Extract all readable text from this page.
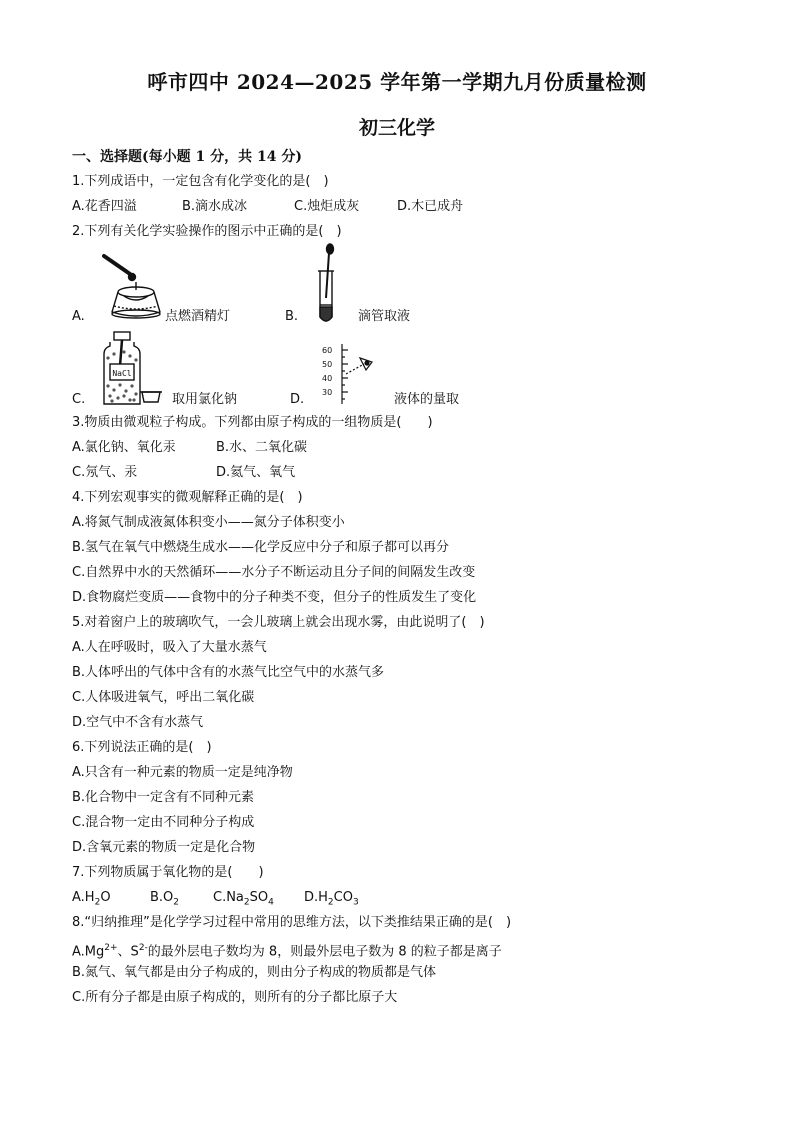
呼市四中 2024—2025 学年第一学期九月份质量检测
初三化学
一、选择题(每小题 1 分，共 14 分)
1.下列成语中，一定包含有化学变化的是(　)
A.花香四溢	B.滴水成冰	C.烛炬成灰	D.木已成舟
2.下列有关化学实验操作的图示中正确的是(　)
A.	点燃酒精灯	B.	滴管取液
C.
NaCl
取用氯化钠	D.
60
50
40
30	液体的量取
3.物质由微观粒子构成。下列都由原子构成的一组物质是(　　)
A.氯化钠、氧化汞	B.水、二氧化碳
C.氖气、汞	D.氦气、氧气
4.下列宏观事实的微观解释正确的是(　)
A.将氮气制成液氮体积变小——氮分子体积变小
B.氢气在氧气中燃烧生成水——化学反应中分子和原子都可以再分
C.自然界中水的天然循环——水分子不断运动且分子间的间隔发生改变
D.食物腐烂变质——食物中的分子种类不变，但分子的性质发生了变化
5.对着窗户上的玻璃吹气，一会儿玻璃上就会出现水雾，由此说明了(　)
A.人在呼吸时，吸入了大量水蒸气
B.人体呼出的气体中含有的水蒸气比空气中的水蒸气多
C.人体吸进氧气，呼出二氧化碳
D.空气中不含有水蒸气
6.下列说法正确的是(　)
A.只含有一种元素的物质一定是纯净物
B.化合物中一定含有不同种元素
C.混合物一定由不同种分子构成
D.含氧元素的物质一定是化合物
7.下列物质属于氧化物的是(　　)
$A.H_2O$	$B.O_2$	$C.Na_2SO_4$ $D.H_2CO_3$
8.“归纳推理”是化学学习过程中常用的思维方法，以下类推结果正确的是(　)
$A.Mg^{2+}$、$S^{2-}$的最外层电子数均为 8，则最外层电子数为 8 的粒子都是离子
B.氮气、氧气都是由分子构成的，则由分子构成的物质都是气体
C.所有分子都是由原子构成的，则所有的分子都比原子大
